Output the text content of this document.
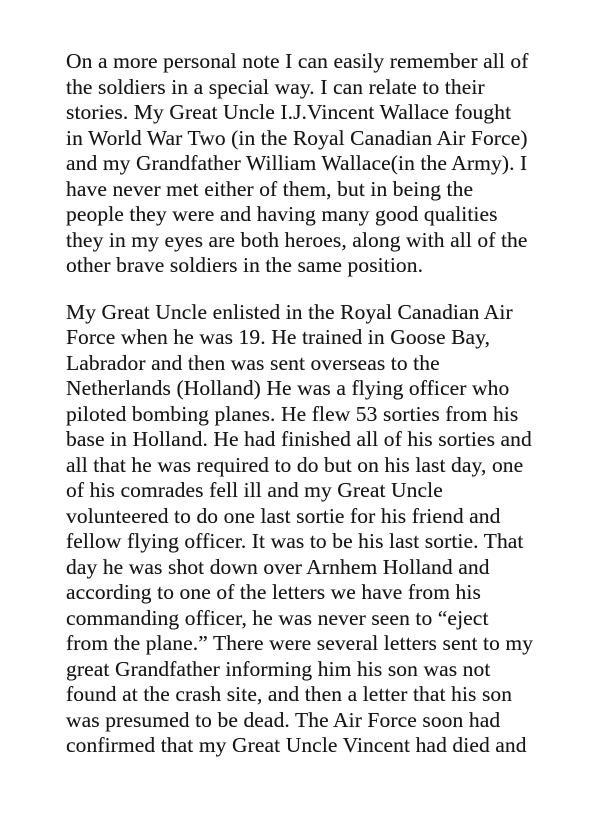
On a more personal note I can easily remember all of
the soldiers in a special way. I can relate to their
stories. My Great Uncle I.J.Vincent Wallace fought
in World War Two (in the Royal Canadian Air Force)
and my Grandfather William Wallace(in the Army). I
have never met either of them, but in being the
people they were and having many good qualities
they in my eyes are both heroes, along with all of the
other brave soldiers in the same position.
My Great Uncle enlisted in the Royal Canadian Air
Force when he was 19. He trained in Goose Bay,
Labrador and then was sent overseas to the
Netherlands (Holland) He was a flying officer who
piloted bombing planes. He flew 53 sorties from his
base in Holland. He had finished all of his sorties and
all that he was required to do but on his last day, one
of his comrades fell ill and my Great Uncle
volunteered to do one last sortie for his friend and
fellow flying officer. It was to be his last sortie. That
day he was shot down over Arnhem Holland and
according to one of the letters we have from his
commanding officer, he was never seen to “eject
from the plane.” There were several letters sent to my
great Grandfather informing him his son was not
found at the crash site, and then a letter that his son
was presumed to be dead. The Air Force soon had
confirmed that my Great Uncle Vincent had died and
